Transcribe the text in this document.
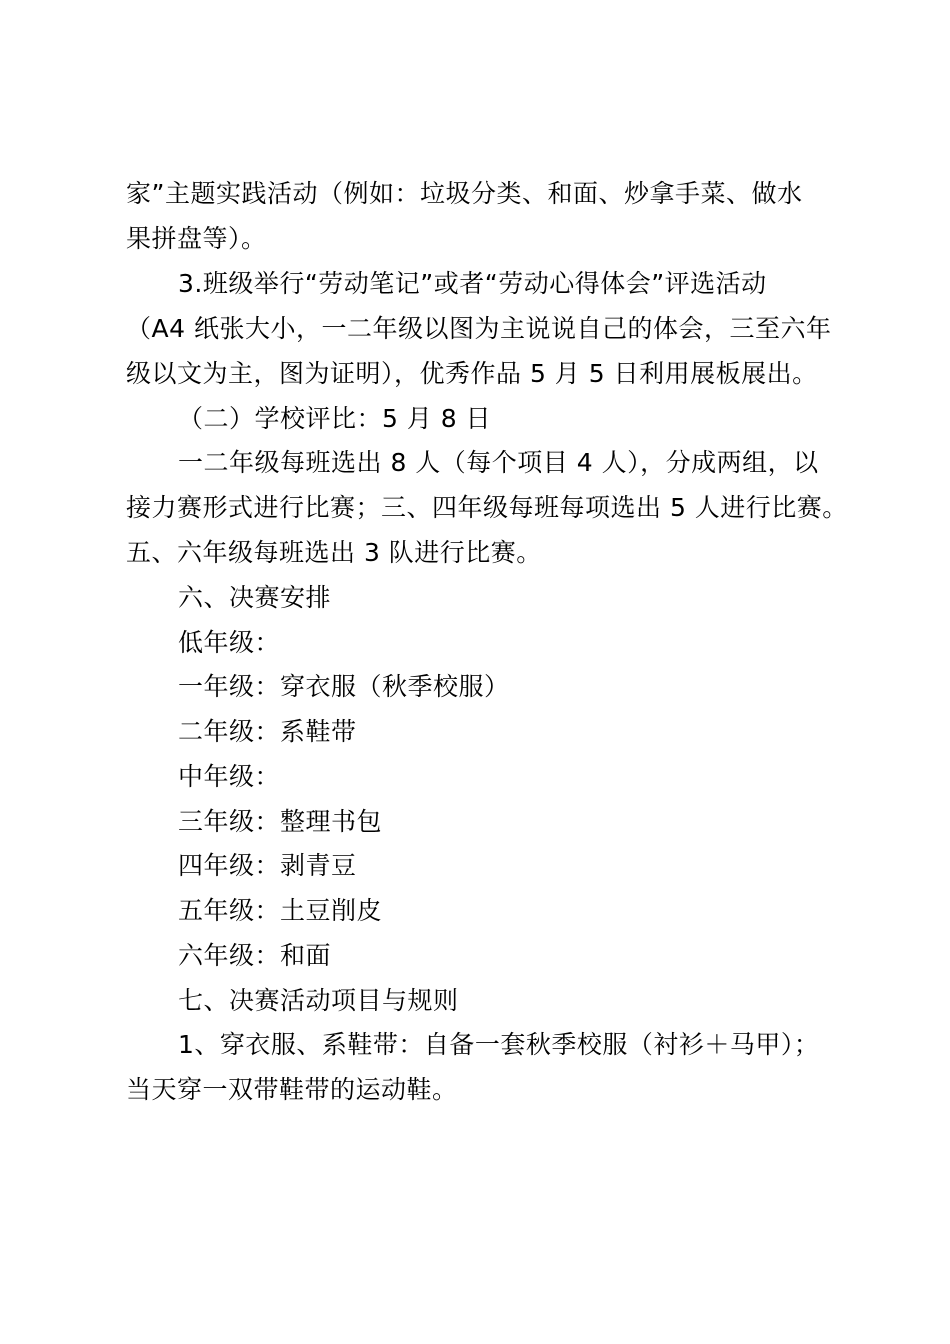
家”主题实践活动（例如：垃圾分类、和面、炒拿手菜、做水
果拼盘等）。
3.班级举行“劳动笔记”或者“劳动心得体会”评选活动
（A4 纸张大小，一二年级以图为主说说自己的体会，三至六年
级以文为主，图为证明），优秀作品 5 月 5 日利用展板展出。
（二）学校评比：5 月 8 日
一二年级每班选出 8 人（每个项目 4 人），分成两组，以
接力赛形式进行比赛；三、四年级每班每项选出 5 人进行比赛。
五、六年级每班选出 3 队进行比赛。
六、决赛安排
低年级：
一年级：穿衣服（秋季校服）
二年级：系鞋带
中年级：
三年级：整理书包
四年级：剥青豆
五年级：土豆削皮
六年级：和面
七、决赛活动项目与规则
1、穿衣服、系鞋带：自备一套秋季校服（衬衫＋马甲）；
当天穿一双带鞋带的运动鞋。
